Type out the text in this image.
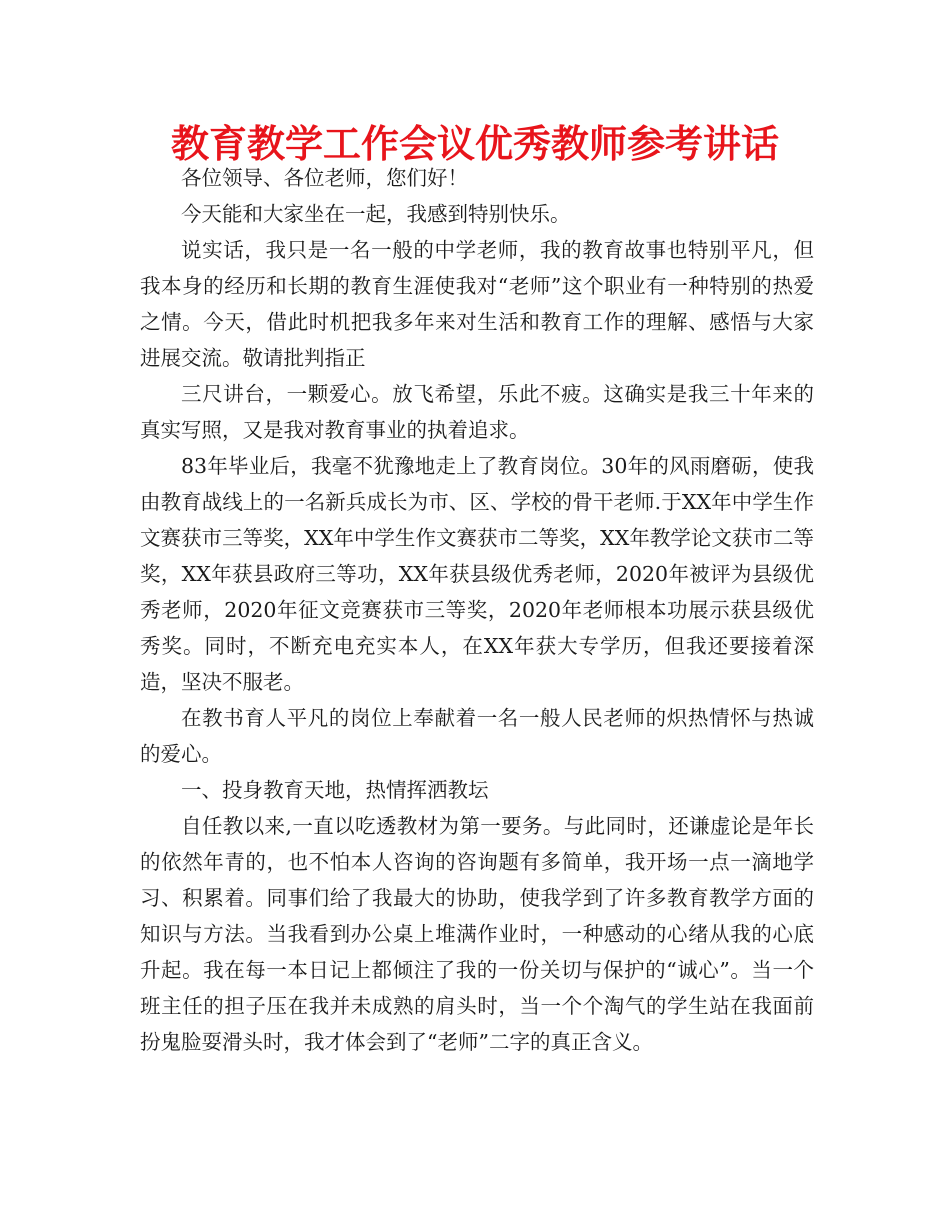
教育教学工作会议优秀教师参考讲话

各位领导、各位老师，您们好！

今天能和大家坐在一起，我感到特别快乐。

说实话，我只是一名一般的中学老师，我的教育故事也特别平凡，但我本身的经历和长期的教育生涯使我对“老师”这个职业有一种特别的热爱之情。今天，借此时机把我多年来对生活和教育工作的理解、感悟与大家进展交流。敬请批判指正

三尺讲台，一颗爱心。放飞希望，乐此不疲。这确实是我三十年来的真实写照，又是我对教育事业的执着追求。

83年毕业后，我毫不犹豫地走上了教育岗位。30年的风雨磨砺，使我由教育战线上的一名新兵成长为市、区、学校的骨干老师.于XX年中学生作文赛获市三等奖，XX年中学生作文赛获市二等奖，XX年教学论文获市二等奖，XX年获县政府三等功，XX年获县级优秀老师，2020年被评为县级优秀老师，2020年征文竞赛获市三等奖，2020年老师根本功展示获县级优秀奖。同时，不断充电充实本人，在XX年获大专学历，但我还要接着深造，坚决不服老。

在教书育人平凡的岗位上奉献着一名一般人民老师的炽热情怀与热诚的爱心。

一、投身教育天地，热情挥洒教坛

自任教以来,一直以吃透教材为第一要务。与此同时，还谦虚论是年长的依然年青的，也不怕本人咨询的咨询题有多简单，我开场一点一滴地学习、积累着。同事们给了我最大的协助，使我学到了许多教育教学方面的知识与方法。当我看到办公桌上堆满作业时，一种感动的心绪从我的心底升起。我在每一本日记上都倾注了我的一份关切与保护的“诚心”。当一个班主任的担子压在我并未成熟的肩头时，当一个个淘气的学生站在我面前扮鬼脸耍滑头时，我才体会到了“老师”二字的真正含义。
